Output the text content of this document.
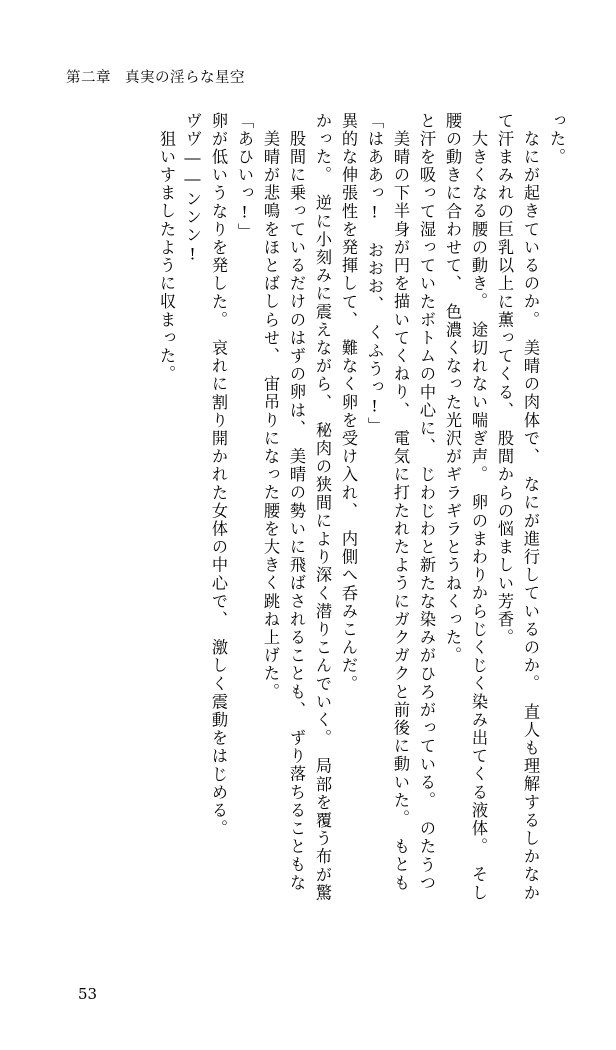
第二章 真実の淫らな星空
狙いすましたように収まった。 ヴヴ――ンンン! 卵が低いうなりを発した。　哀れに割り開かれた女体の中心で、　激しく震動をはじめる。 「あひいっ!」 美晴が悲鳴をほとばしらせ、　宙吊りになった腰を大きく跳ね上げた。 股間に乗っているだけのはずの卵は、　美晴の勢いに飛ばされることも、　ずり落ちることもな かった。　逆に小刻みに震えながら、　秘肉の狭間により深く潜りこんでいく。　局部を覆う布が驚 異的な伸張性を発揮して、　難なく卵を受け入れ、　内側へ呑みこんだ。 「はああっ!　おおお、　くふうっ!」 美晴の下半身が円を描いてくねり、　電気に打たれたようにガクガクと前後に動いた。　もとも と汗を吸って湿っていたボトムの中心に、　じわじわと新たな染みがひろがっている。　のたうつ 腰の動きに合わせて、　色濃くなった光沢がギラギラとうねくった。 大きくなる腰の動き。　途切れない喘ぎ声。　卵のまわりからじくじく染み出てくる液体。　そし て汗まみれの巨乳以上に薫ってくる、　股間からの悩ましい芳香。 なにが起きているのか。　美晴の肉体で、　なにが進行しているのか。　直人も理解するしかなか った。
53
